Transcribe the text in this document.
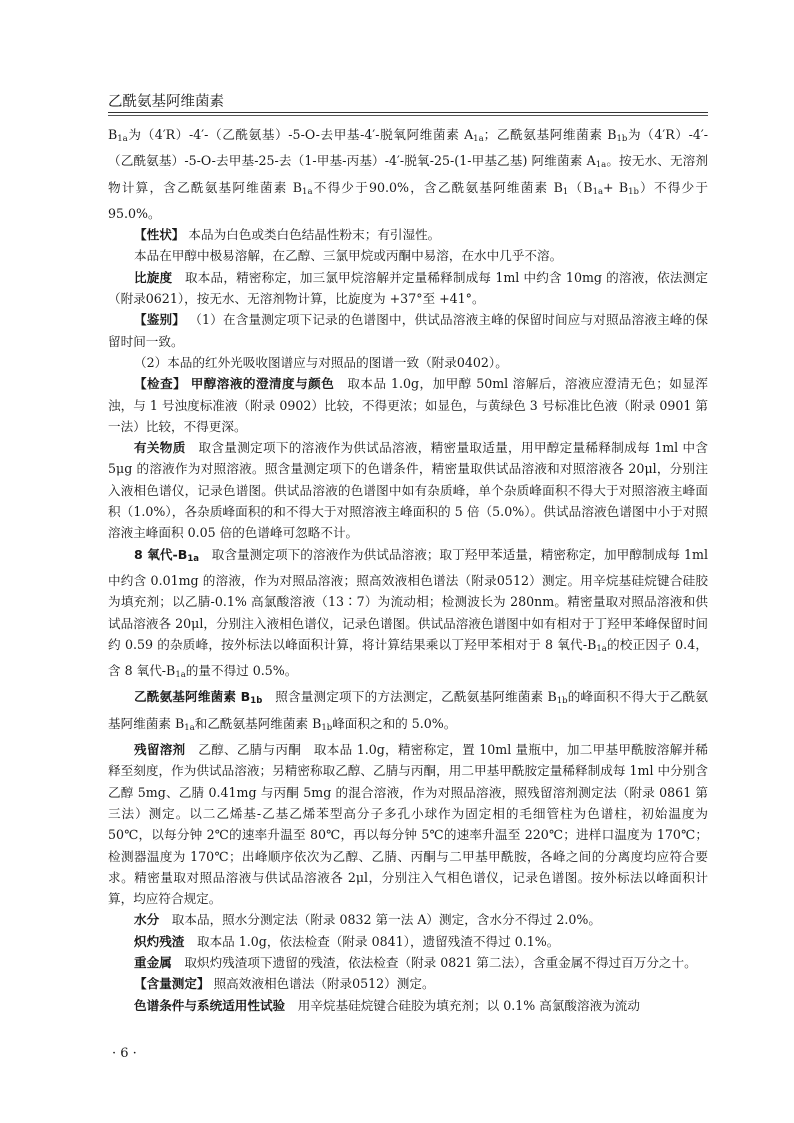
乙酰氨基阿维菌素

$B_{1a}$为（4′R）-4′-（乙酰氨基）-5-O-去甲基-4′-脱氧阿维菌素 $A_{1a}$；乙酰氨基阿维菌素 $B_{1b}$为（4′R）-4′-（乙酰氨基）-5-O-去甲基-25-去（1-甲基-丙基）-4′-脱氧-25-(1-甲基乙基) 阿维菌素 $A_{1a}$。按无水、无溶剂物计算，含乙酰氨基阿维菌素 $B_{1a}$不得少于90.0%，含乙酰氨基阿维菌素 $B_1(B_{1a}+ B_{1b})$不得少于95.0%。

【性状】 本品为白色或类白色结晶性粉末；有引湿性。

本品在甲醇中极易溶解，在乙醇、三氯甲烷或丙酮中易溶，在水中几乎不溶。

比旋度　 取本品，精密称定，加三氯甲烷溶解并定量稀释制成每 1ml 中约含 10mg 的溶液，依法测定（附录0621），按无水、无溶剂物计算，比旋度为 +37°至 +41°。

【鉴别】 （1）在含量测定项下记录的色谱图中，供试品溶液主峰的保留时间应与对照品溶液主峰的保留时间一致。

（2）本品的红外光吸收图谱应与对照品的图谱一致（附录0402）。

【检查】 甲醇溶液的澄清度与颜色　 取本品 1.0g，加甲醇 50ml 溶解后，溶液应澄清无色；如显浑浊，与 1 号浊度标准液（附录 0902）比较，不得更浓；如显色，与黄绿色 3 号标准比色液（附录 0901 第一法）比较，不得更深。

有关物质　 取含量测定项下的溶液作为供试品溶液，精密量取适量，用甲醇定量稀释制成每 1ml 中含 5μg 的溶液作为对照溶液。照含量测定项下的色谱条件，精密量取供试品溶液和对照溶液各 20μl，分别注入液相色谱仪，记录色谱图。供试品溶液的色谱图中如有杂质峰，单个杂质峰面积不得大于对照溶液主峰面积（1.0%），各杂质峰面积的和不得大于对照溶液主峰面积的 5 倍（5.0%）。供试品溶液色谱图中小于对照溶液主峰面积 0.05 倍的色谱峰可忽略不计。

8 氧代$-B_{1a}$　 取含量测定项下的溶液作为供试品溶液；取丁羟甲苯适量，精密称定，加甲醇制成每 1ml 中约含 0.01mg 的溶液，作为对照品溶液；照高效液相色谱法（附录0512）测定。用辛烷基硅烷键合硅胶为填充剂；以乙腈-0.1% 高氯酸溶液（13∶7）为流动相；检测波长为 280nm。精密量取对照品溶液和供试品溶液各 20μl，分别注入液相色谱仪，记录色谱图。供试品溶液色谱图中如有相对于丁羟甲苯峰保留时间约 0.59 的杂质峰，按外标法以峰面积计算，将计算结果乘以丁羟甲苯相对于 8 氧代$-B_{1a}$的校正因子 0.4，含 8 氧代$-B_{1a}$的量不得过 0.5%。

乙酰氨基阿维菌素 $B_{1b}$　 照含量测定项下的方法测定，乙酰氨基阿维菌素 $B_{1b}$的峰面积不得大于乙酰氨基阿维菌素 $B_{1a}$和乙酰氨基阿维菌素 $B_{1b}$峰面积之和的 5.0%。

残留溶剂　 乙醇、乙腈与丙酮　取本品 1.0g，精密称定，置 10ml 量瓶中，加二甲基甲酰胺溶解并稀释至刻度，作为供试品溶液；另精密称取乙醇、乙腈与丙酮，用二甲基甲酰胺定量稀释制成每 1ml 中分别含乙醇 5mg、乙腈 0.41mg 与丙酮 5mg 的混合溶液，作为对照品溶液，照残留溶剂测定法（附录 0861 第三法）测定。以二乙烯基-乙基乙烯苯型高分子多孔小球作为固定相的毛细管柱为色谱柱，初始温度为 50℃，以每分钟 2℃的速率升温至 80℃，再以每分钟 5℃的速率升温至 220℃；进样口温度为 170℃；检测器温度为 170℃；出峰顺序依次为乙醇、乙腈、丙酮与二甲基甲酰胺，各峰之间的分离度均应符合要求。精密量取对照品溶液与供试品溶液各 2μl，分别注入气相色谱仪，记录色谱图。按外标法以峰面积计算，均应符合规定。

水分　 取本品，照水分测定法（附录 0832 第一法 A）测定，含水分不得过 2.0%。

炽灼残渣　 取本品 1.0g，依法检查（附录 0841），遗留残渣不得过 0.1%。

重金属　 取炽灼残渣项下遗留的残渣，依法检查（附录 0821 第二法），含重金属不得过百万分之十。

【含量测定】 照高效液相色谱法（附录0512）测定。

色谱条件与系统适用性试验　 用辛烷基硅烷键合硅胶为填充剂；以 0.1% 高氯酸溶液为流动

· 6 ·
